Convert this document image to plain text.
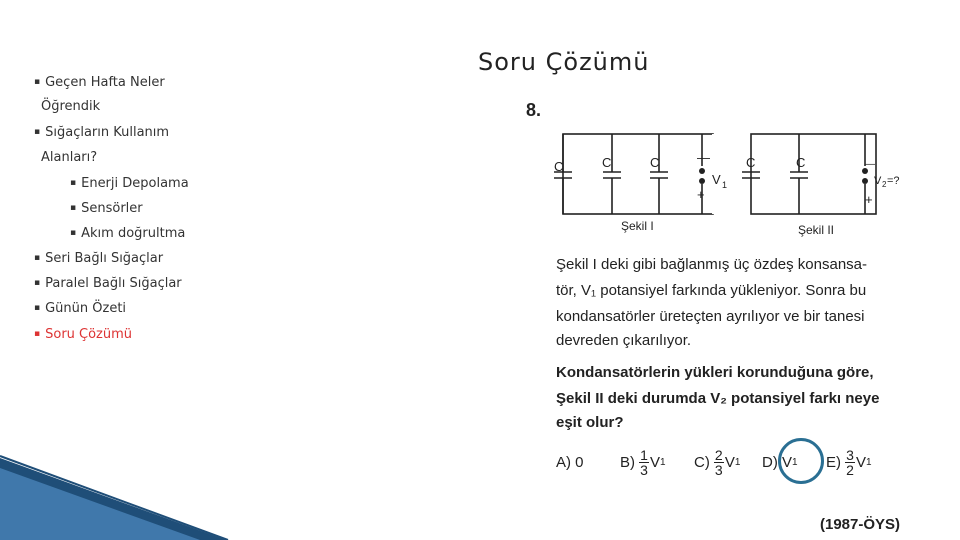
▪ Geçen Hafta Neler
Öğrendik
▪ Sığaçların Kullanım
Alanları?
▪ Enerji Depolama
▪ Sensörler
▪ Akım doğrultma
▪ Seri Bağlı Sığaçlar
▪ Paralel Bağlı Sığaçlar
▪ Günün Özeti
▪ Soru Çözümü
Soru Çözümü
8.
C	C	C	—
+
V 1
Şekil I
C	C	—
+
V 2 =?
Şekil II
Şekil I deki gibi bağlanmış üç özdeş konsansa-
tör, V₁ potansiyel farkında yükleniyor. Sonra bu
kondansatörler üreteçten ayrılıyor ve bir tanesi
devreden çıkarılıyor.
Kondansatörlerin yükleri korunduğuna göre,
Şekil II deki durumda V₂ potansiyel farkı neye
eşit olur?
A)
0 $B) \frac{1}{3}$ V 1 $C) \frac{2}{3}$ V 1 D)
V 1 $E) \frac{3}{2}$ V 1
(1987-ÖYS)
